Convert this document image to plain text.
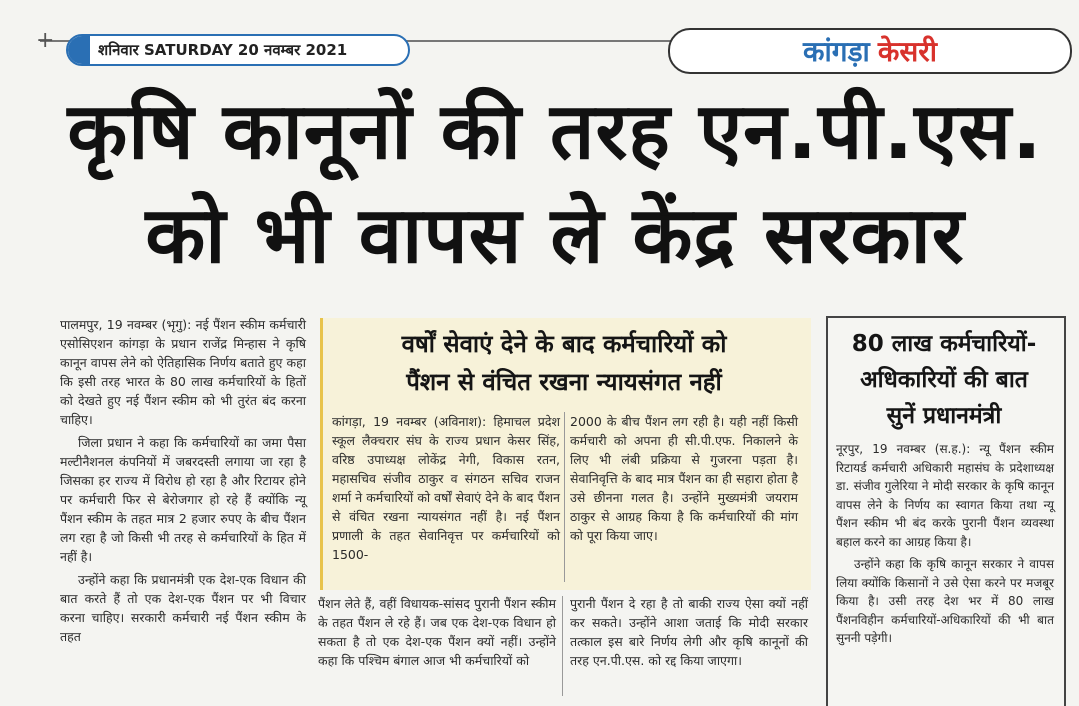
+	शनिवार SATURDAY 20 नवम्बर 2021	कांगड़ा केसरी
कृषि कानूनों की तरह एन.पी.एस.
को भी वापस ले केंद्र सरकार

पालमपुर, 19 नवम्बर (भृगु): नई पैंशन स्कीम कर्मचारी एसोसिएशन कांगड़ा के प्रधान राजेंद्र मिन्हास ने कृषि कानून वापस लेने को ऐतिहासिक निर्णय बताते हुए कहा कि इसी तरह भारत के 80 लाख कर्मचारियों के हितों को देखते हुए नई पैंशन स्कीम को भी तुरंत बंद करना चाहिए।

जिला प्रधान ने कहा कि कर्मचारियों का जमा पैसा मल्टीनैशनल कंपनियों में जबरदस्ती लगाया जा रहा है जिसका हर राज्य में विरोध हो रहा है और रिटायर होने पर कर्मचारी फिर से बेरोजगार हो रहे हैं क्योंकि न्यू पैंशन स्कीम के तहत मात्र 2 हजार रुपए के बीच पैंशन लग रहा है जो किसी भी तरह से कर्मचारियों के हित में नहीं है।

उन्होंने कहा कि प्रधानमंत्री एक देश-एक विधान की बात करते हैं तो एक देश-एक पैंशन पर भी विचार करना चाहिए। सरकारी कर्मचारी नई पैंशन स्कीम के तहत

वर्षों सेवाएं देने के बाद कर्मचारियों को
पैंशन से वंचित रखना न्यायसंगत नहीं

कांगड़ा, 19 नवम्बर (अविनाश): हिमाचल प्रदेश स्कूल लैक्चरार संघ के राज्य प्रधान केसर सिंह, वरिष्ठ उपाध्यक्ष लोकेंद्र नेगी, विकास रतन, महासचिव संजीव ठाकुर व संगठन सचिव राजन शर्मा ने कर्मचारियों को वर्षों सेवाएं देने के बाद पैंशन से वंचित रखना न्यायसंगत नहीं है। नई पैंशन प्रणाली के तहत सेवानिवृत्त पर कर्मचारियों को 1500-

2000 के बीच पैंशन लग रही है। यही नहीं किसी कर्मचारी को अपना ही सी.पी.एफ. निकालने के लिए भी लंबी प्रक्रिया से गुजरना पड़ता है। सेवानिवृत्ति के बाद मात्र पैंशन का ही सहारा होता है उसे छीनना गलत है। उन्होंने मुख्यमंत्री जयराम ठाकुर से आग्रह किया है कि कर्मचारियों की मांग को पूरा किया जाए।

पैंशन लेते हैं, वहीं विधायक-सांसद पुरानी पैंशन स्कीम के तहत पैंशन ले रहे हैं। जब एक देश-एक विधान हो सकता है तो एक देश-एक पैंशन क्यों नहीं। उन्होंने कहा कि पश्चिम बंगाल आज भी कर्मचारियों को

पुरानी पैंशन दे रहा है तो बाकी राज्य ऐसा क्यों नहीं कर सकते। उन्होंने आशा जताई कि मोदी सरकार तत्काल इस बारे निर्णय लेगी और कृषि कानूनों की तरह एन.पी.एस. को रद्द किया जाएगा।

80 लाख कर्मचारियों-
अधिकारियों की बात
सुनें प्रधानमंत्री

नूरपुर, 19 नवम्बर (स.ह.): न्यू पैंशन स्कीम रिटायर्ड कर्मचारी अधिकारी महासंघ के प्रदेशाध्यक्ष डा. संजीव गुलेरिया ने मोदी सरकार के कृषि कानून वापस लेने के निर्णय का स्वागत किया तथा न्यू पैंशन स्कीम भी बंद करके पुरानी पैंशन व्यवस्था बहाल करने का आग्रह किया है।

उन्होंने कहा कि कृषि कानून सरकार ने वापस लिया क्योंकि किसानों ने उसे ऐसा करने पर मजबूर किया है। उसी तरह देश भर में 80 लाख पैंशनविहीन कर्मचारियों-अधिकारियों की भी बात सुननी पड़ेगी।
